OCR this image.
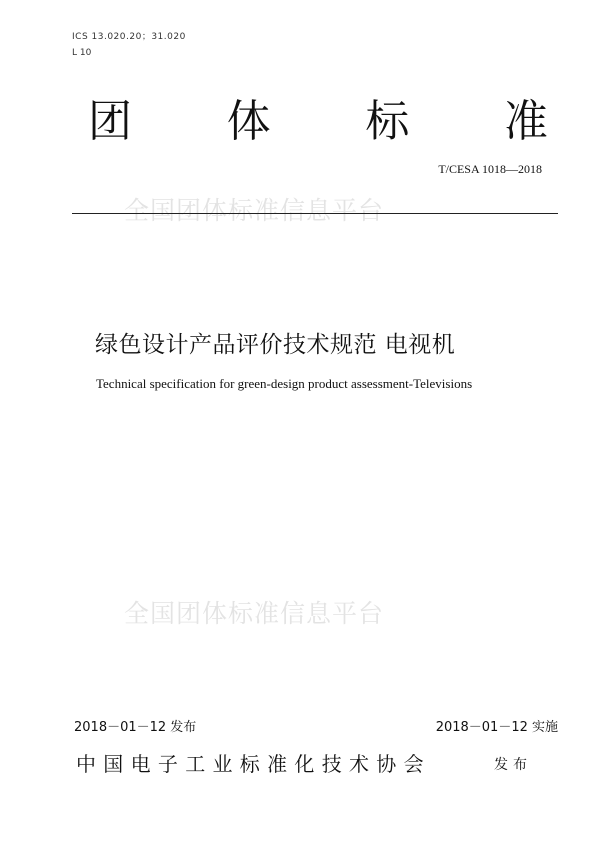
ICS 13.020.20；31.020
L 10
团 体 标 准
T/CESA 1018—2018
全国团体标准信息平台
绿色设计产品评价技术规范 电视机
Technical specification for green-design product assessment-Televisions
全国团体标准信息平台
2018－01－12 发布	2018－01－12 实施
中国电子工业标准化技术协会	发布
